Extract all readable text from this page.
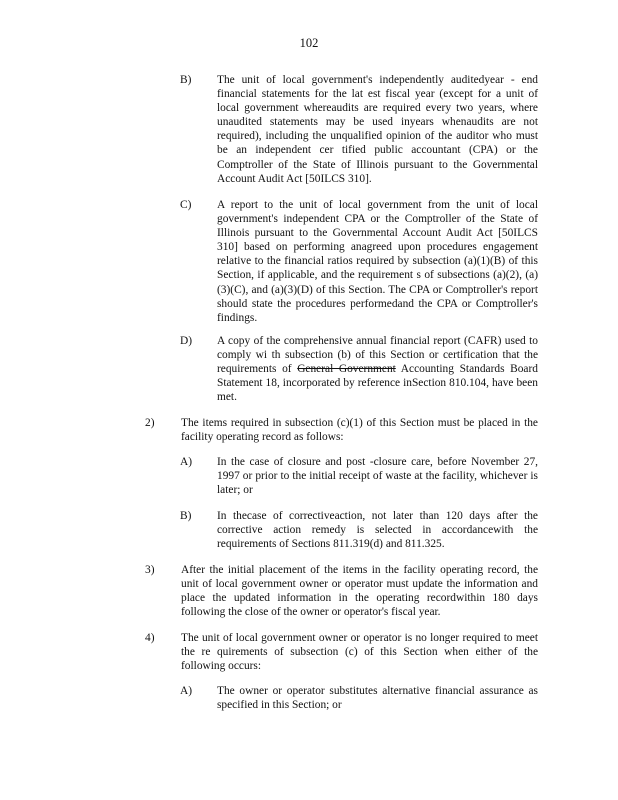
102
B) The unit of local government's independently auditedyear - end financial statements for the lat est fiscal year (except for a unit of local government whereaudits are required every two years, where unaudited statements may be used inyears whenaudits are not required), including the unqualified opinion of the auditor who must be an independent cer tified public accountant (CPA) or the Comptroller of the State of Illinois pursuant to the Governmental Account Audit Act [50ILCS 310].
C) A report to the unit of local government from the unit of local government's independent CPA or the Comptroller of the State of Illinois pursuant to the Governmental Account Audit Act [50ILCS 310] based on performing anagreed upon procedures engagement relative to the financial ratios required by subsection (a)(1)(B) of this Section, if applicable, and the requirement s of subsections (a)(2), (a)(3)(C), and (a)(3)(D) of this Section. The CPA or Comptroller's report should state the procedures performedand the CPA or Comptroller's findings.
D) A copy of the comprehensive annual financial report (CAFR) used to comply wi th subsection (b) of this Section or certification that the requirements of General Government Accounting Standards Board Statement 18, incorporated by reference inSection 810.104, have been met.
2) The items required in subsection (c)(1) of this Section must be placed in the facility operating record as follows:
A) In the case of closure and post -closure care, before November 27, 1997 or prior to the initial receipt of waste at the facility, whichever is later; or
B) In thecase of correctiveaction, not later than 120 days after the corrective action remedy is selected in accordancewith the requirements of Sections 811.319(d) and 811.325.
3) After the initial placement of the items in the facility operating record, the unit of local government owner or operator must update the information and place the updated information in the operating recordwithin 180 days following the close of the owner or operator's fiscal year.
4) The unit of local government owner or operator is no longer required to meet the re quirements of subsection (c) of this Section when either of the following occurs:
A) The owner or operator substitutes alternative financial assurance as specified in this Section; or
